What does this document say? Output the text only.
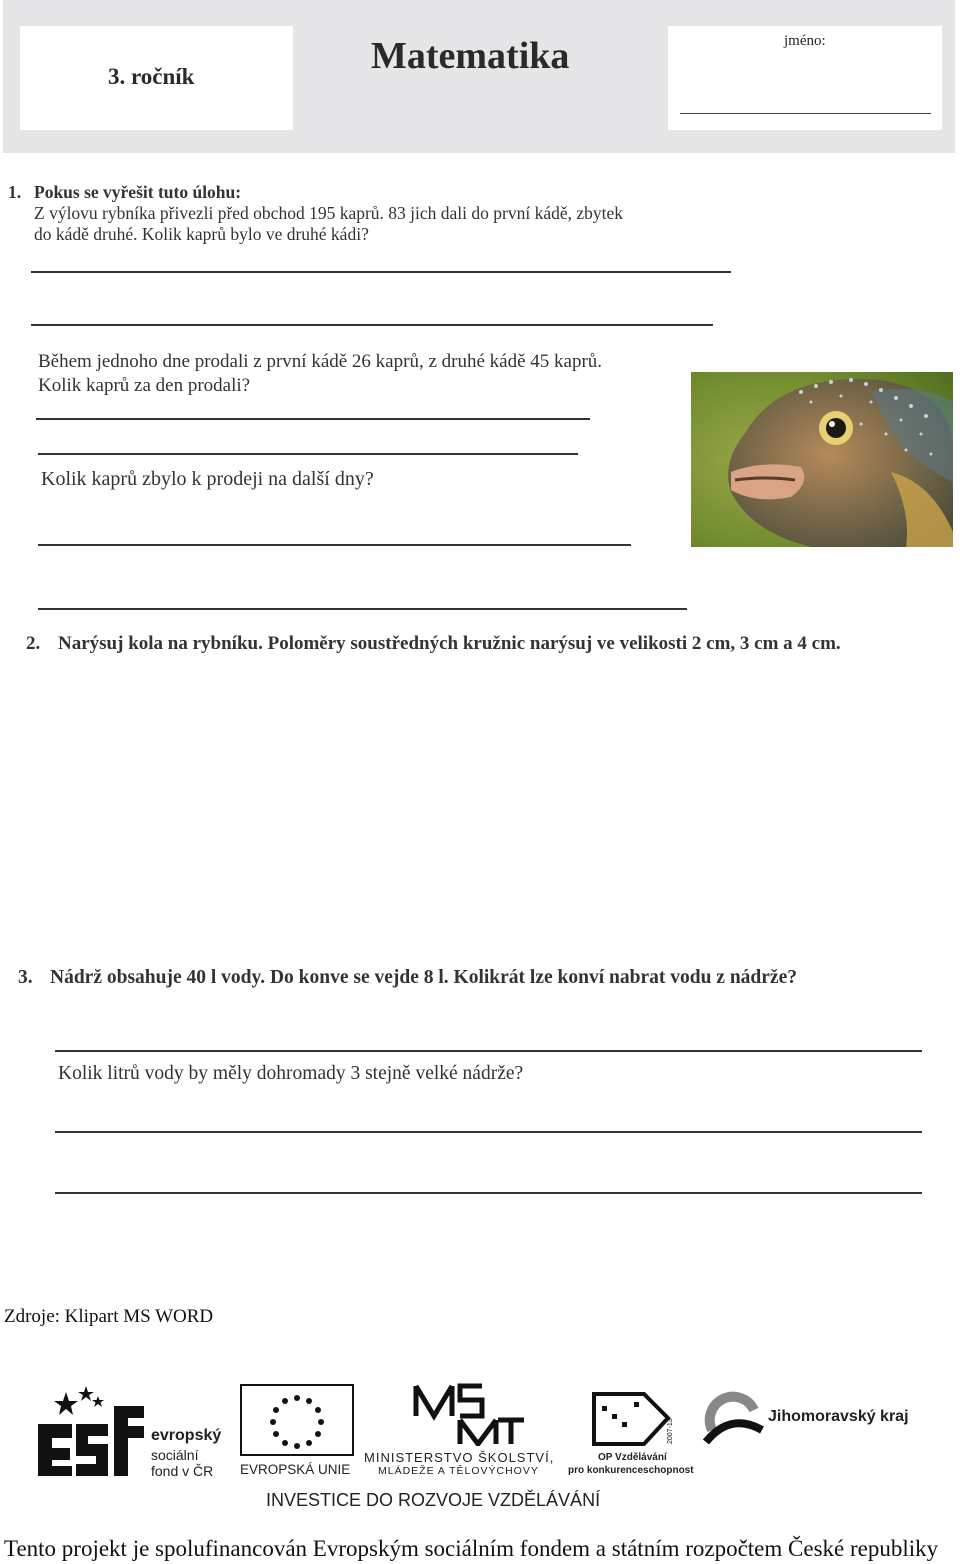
3. ročník	Matematika	jméno:
1. Pokus se vyřešit tuto úlohu:
Z výlovu rybníka přivezli před obchod 195 kaprů. 83 jich dali do první kádě, zbytek
do kádě druhé. Kolik kaprů bylo ve druhé kádi?
Během jednoho dne prodali z první kádě 26 kaprů, z druhé kádě 45 kaprů.
Kolik kaprů za den prodali?
Kolik kaprů zbylo k prodeji na další dny?
2. Narýsuj kola na rybníku. Poloměry soustředných kružnic narýsuj ve velikosti 2 cm, 3 cm a 4 cm.
3. Nádrž obsahuje 40 l vody. Do konve se vejde 8 l. Kolikrát lze konví nabrat vodu z nádrže?
Kolik litrů vody by měly dohromady 3 stejně velké nádrže?
Zdroje: Klipart MS WORD
evropský
sociální
fond v ČR EVROPSKÁ UNIE
MINISTERSTVO ŠKOLSTVÍ,
MLÁDEŽE A TĚLOVÝCHOVY
2007-13
OP Vzdělávání
pro konkurenceschopnost
Jihomoravský kraj
INVESTICE DO ROZVOJE VZDĚLÁVÁNÍ
Tento projekt je spolufinancován Evropským sociálním fondem a státním rozpočtem České republiky
